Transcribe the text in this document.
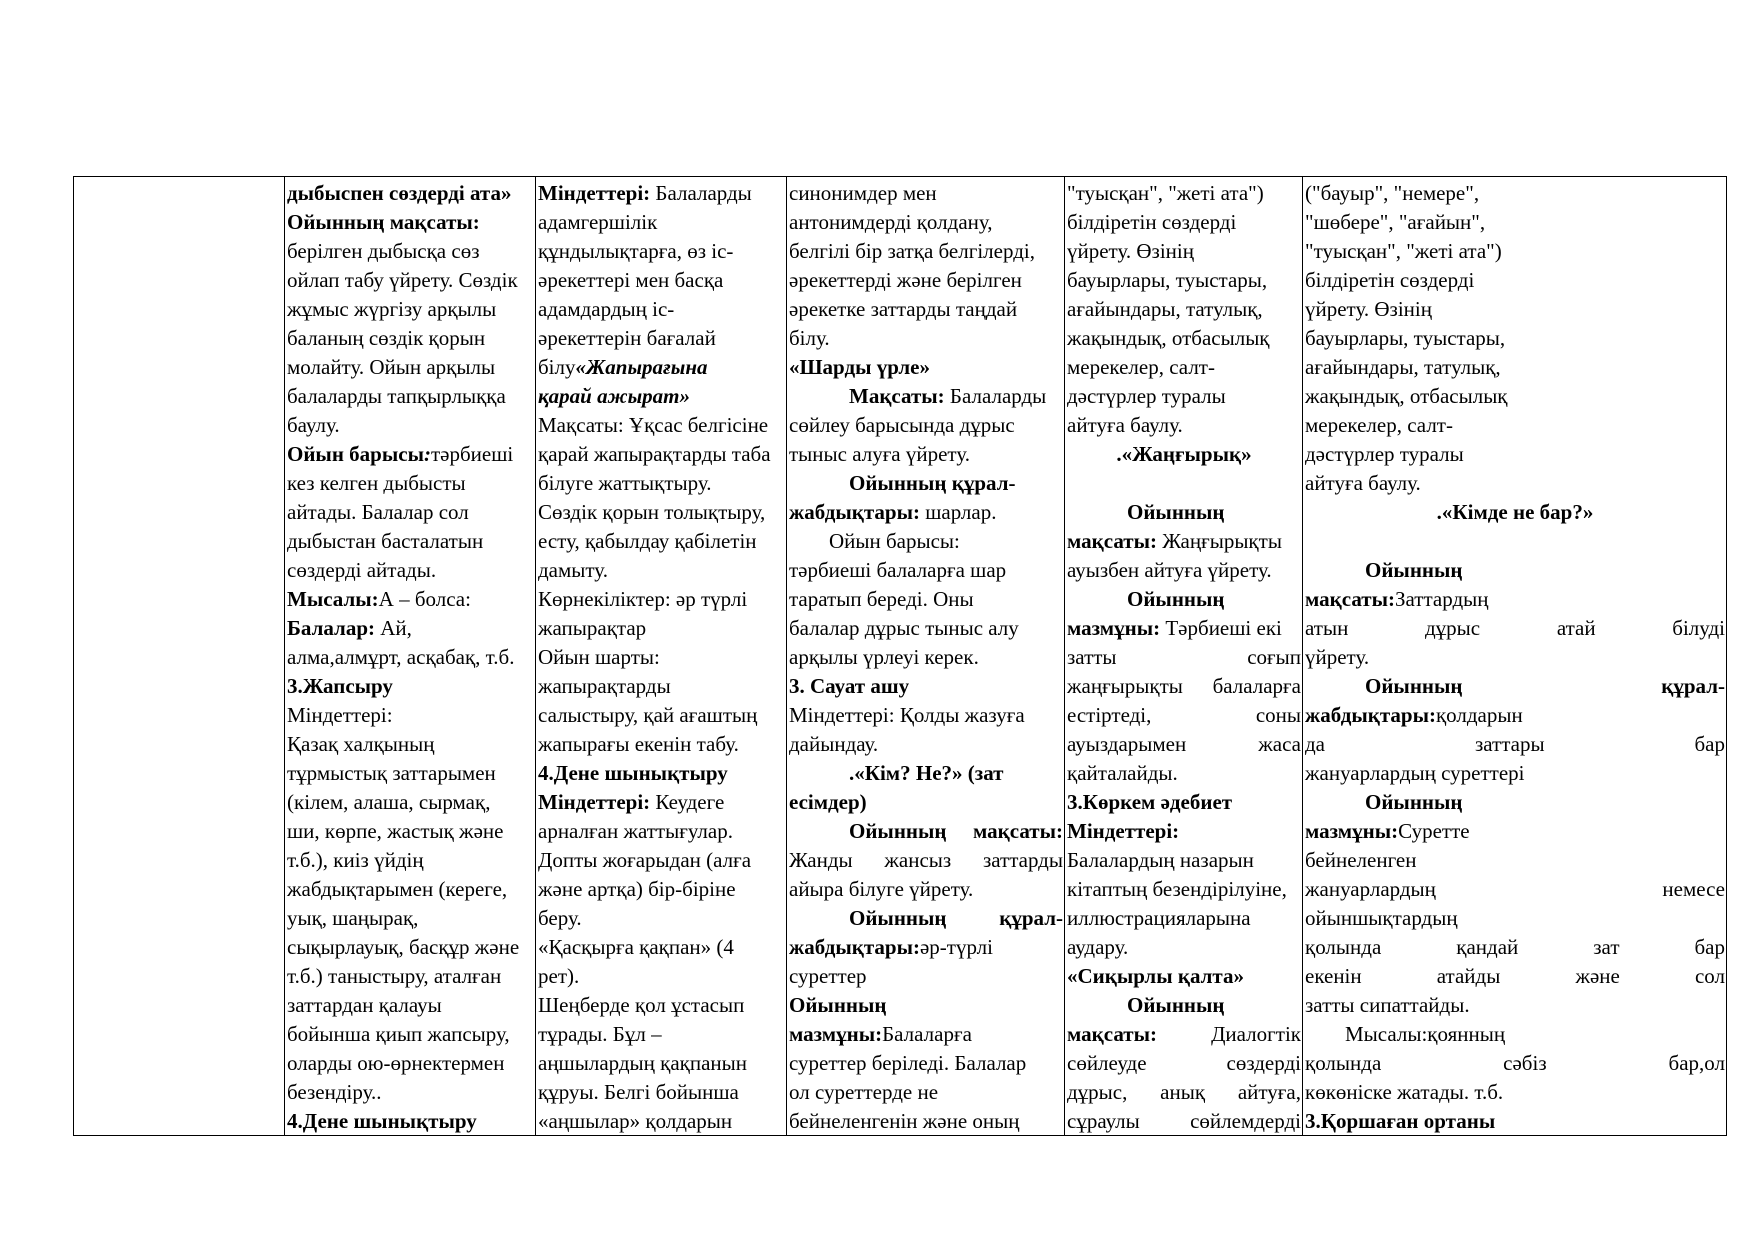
дыбыспен сөздерді ата»
Ойынның мақсаты:
берілген дыбысқа сөз
ойлап табу үйрету. Сөздік
жұмыс жүргізу арқылы
баланың сөздік қорын
молайту. Ойын арқылы
балаларды тапқырлыққа
баулу.
Ойын барысы:тәрбиеші
кез келген дыбысты
айтады. Балалар сол
дыбыстан басталатын
сөздерді айтады.
Мысалы:А – болса:
Балалар: Ай,
алма,алмұрт, асқабақ, т.б.
3.Жапсыру
Міндеттері:
Қазақ халқының
тұрмыстық заттарымен
(кілем, алаша, сырмақ,
ши, көрпе, жастық және
т.б.), киіз үйдің
жабдықтарымен (кереге,
уық, шаңырақ,
сықырлауық, басқұр және
т.б.) таныстыру, аталған
заттардан қалауы
бойынша қиып жапсыру,
оларды ою-өрнектермен
безендіру..
4.Дене шынықтыру

Міндеттері: Балаларды
адамгершілік
құндылықтарға, өз іс-
әрекеттері мен басқа
адамдардың іс-
әрекеттерін бағалай
білу«Жапырағына
қарай ажырат»
Мақсаты: Ұқсас белгісіне
қарай жапырақтарды таба
білуге жаттықтыру.
Сөздік қорын толықтыру,
есту, қабылдау қабілетін
дамыту.
Көрнекіліктер: әр түрлі
жапырақтар
Ойын шарты:
жапырақтарды
салыстыру, қай ағаштың
жапырағы екенін табу.
4.Дене шынықтыру
Міндеттері: Кеудеге
арналған жаттығулар.
Допты жоғарыдан (алға
және артқа) бір-біріне
беру.
«Қасқырға қақпан» (4
рет).
Шеңберде қол ұстасып
тұрады. Бұл –
аңшылардың қақпанын
құруы. Белгі бойынша
«аңшылар» қолдарын

синонимдер мен
антонимдерді қолдану,
белгілі бір затқа белгілерді,
әрекеттерді және берілген
әрекетке заттарды таңдай
білу.
«Шарды үрле»
Мақсаты: Балаларды
сөйлеу барысында дұрыс
тыныс алуға үйрету.
Ойынның құрал-
жабдықтары: шарлар.
Ойын барысы:
тәрбиеші балаларға шар
таратып береді. Оны
балалар дұрыс тыныс алу
арқылы үрлеуі керек.
3. Сауат ашу
Міндеттері: Қолды жазуға
дайындау.
.«Кім? Не?» (зат
есімдер)
Ойынның мақсаты:
Жанды жансыз заттарды
айыра білуге үйрету.
Ойынның	құрал-
жабдықтары:әр-түрлі
суреттер
Ойынның
мазмұны:Балаларға
суреттер беріледі. Балалар
ол суреттерде не
бейнеленгенін және оның

"туысқан", "жеті ата")
білдіретін сөздерді
үйрету. Өзінің
бауырлары, туыстары,
ағайындары, татулық,
жақындық, отбасылық
мерекелер, салт-
дәстүрлер туралы
айтуға баулу.
.«Жаңғырық»

Ойынның
мақсаты: Жаңғырықты
ауызбен айтуға үйрету.
Ойынның
мазмұны: Тәрбиеші екі
затты	соғып
жаңғырықты балаларға
естіртеді,	соны
ауыздарымен	жаса
қайталайды.
3.Көркем әдебиет
Міндеттері:
Балалардың назарын
кітаптың безендірілуіне,
иллюстрацияларына
аудару.
«Сиқырлы қалта»
Ойынның
мақсаты:	Диалогтік
сөйлеуде	сөздерді
дұрыс, анық айтуға,
сұраулы сөйлемдерді

("бауыр", "немере",
"шөбере", "ағайын",
"туысқан", "жеті ата")
білдіретін сөздерді
үйрету. Өзінің
бауырлары, туыстары,
ағайындары, татулық,
жақындық, отбасылық
мерекелер, салт-
дәстүрлер туралы
айтуға баулу.
.«Кімде не бар?»

Ойынның
мақсаты:Заттардың
атын	дұрыс	атай	білуді
үйрету.
Ойынның	құрал-
жабдықтары:қолдарын
да	заттары	бар
жануарлардың суреттері
Ойынның
мазмұны:Суретте
бейнеленген
жануарлардың	немесе
ойыншықтардың
қолында	қандай	зат	бар
екенін	атайды	және	сол
затты сипаттайды.
Мысалы:қоянның
қолында	сәбіз	бар,ол
көкөніске жатады. т.б.
3.Қоршаған ортаны
